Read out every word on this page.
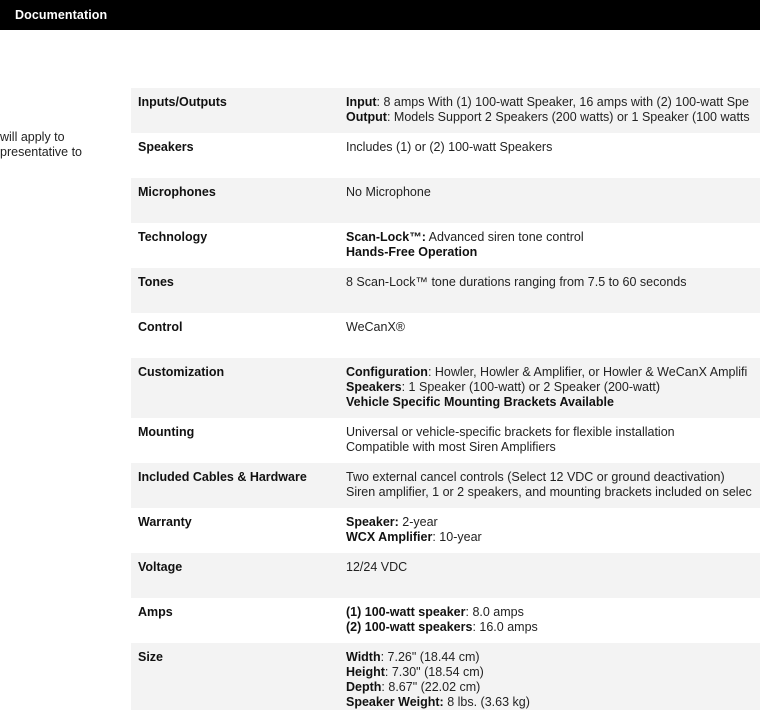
Documentation
will apply to
presentative to
Inputs/Outputs	Input: 8 amps With (1) 100-watt Speaker, 16 amps with (2) 100-watt Spe
Output: Models Support 2 Speakers (200 watts) or 1 Speaker (100 watts
Speakers	Includes (1) or (2) 100-watt Speakers
Microphones	No Microphone
Technology	Scan-Lock™: Advanced siren tone control
Hands-Free Operation
Tones	8 Scan-Lock™ tone durations ranging from 7.5 to 60 seconds
Control	WeCanX®
Customization	Configuration: Howler, Howler & Amplifier, or Howler & WeCanX Amplifi
Speakers: 1 Speaker (100-watt) or 2 Speaker (200-watt)
Vehicle Specific Mounting Brackets Available
Mounting	Universal or vehicle-specific brackets for flexible installation
Compatible with most Siren Amplifiers
Included Cables & Hardware	Two external cancel controls (Select 12 VDC or ground deactivation)
Siren amplifier, 1 or 2 speakers, and mounting brackets included on selec
Warranty	Speaker: 2-year
WCX Amplifier: 10-year
Voltage	12/24 VDC
Amps	(1) 100-watt speaker: 8.0 amps
(2) 100-watt speakers: 16.0 amps
Size	Width: 7.26" (18.44 cm)
Height: 7.30" (18.54 cm)
Depth: 8.67" (22.02 cm)
Speaker Weight: 8 lbs. (3.63 kg)
